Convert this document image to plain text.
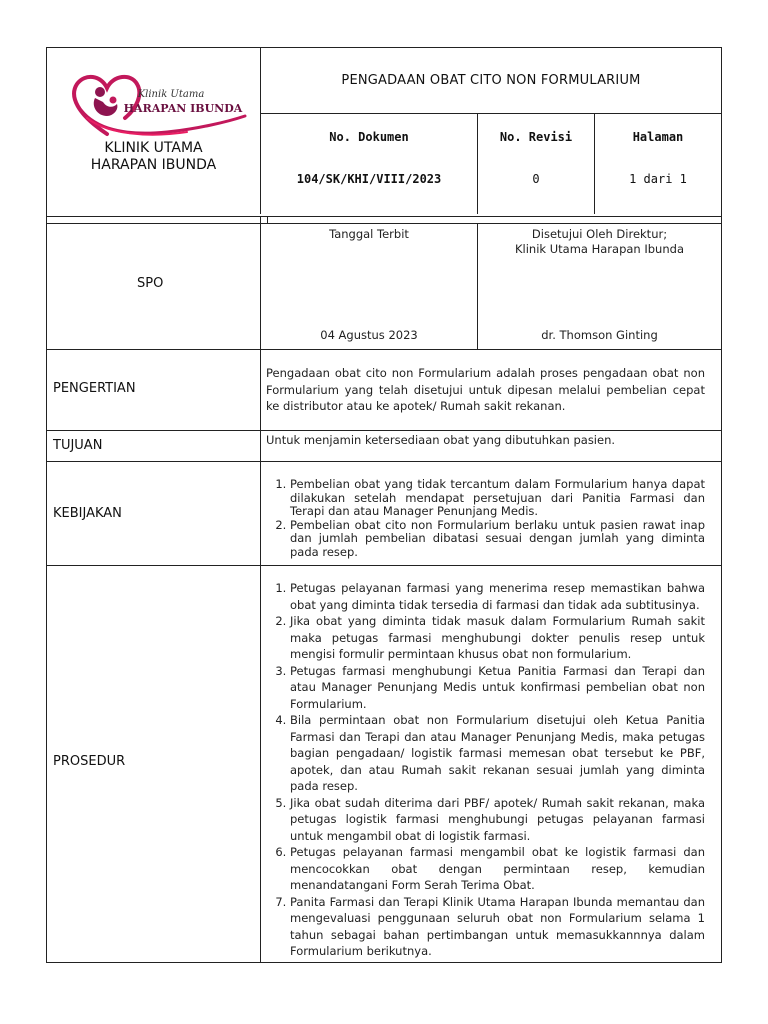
Klinik Utama
HARAPAN IBUNDA
KLINIK UTAMA
HARAPAN IBUNDA
PENGADAAN OBAT CITO NON FORMULARIUM
No. Dokumen
104/SK/KHI/VIII/2023
No. Revisi
0
Halaman
1 dari 1
SPO
Tanggal Terbit
04 Agustus 2023
Disetujui Oleh Direktur;
Klinik Utama Harapan Ibunda
dr. Thomson Ginting
PENGERTIAN
Pengadaan obat cito non Formularium adalah proses pengadaan obat non Formularium yang telah disetujui untuk dipesan melalui pembelian cepat ke distributor atau ke apotek/ Rumah sakit rekanan.
TUJUAN	Untuk menjamin ketersediaan obat yang dibutuhkan pasien.
KEBIJAKAN
1. Pembelian obat yang tidak tercantum dalam Formularium hanya dapat dilakukan setelah mendapat persetujuan dari Panitia Farmasi dan Terapi dan atau Manager Penunjang Medis.
2. Pembelian obat cito non Formularium berlaku untuk pasien rawat inap dan jumlah pembelian dibatasi sesuai dengan jumlah yang diminta pada resep.
PROSEDUR
1. Petugas pelayanan farmasi yang menerima resep memastikan bahwa obat yang diminta tidak tersedia di farmasi dan tidak ada subtitusinya.
2. Jika obat yang diminta tidak masuk dalam Formularium Rumah sakit maka petugas farmasi menghubungi dokter penulis resep untuk mengisi formulir permintaan khusus obat non formularium.
3. Petugas farmasi menghubungi Ketua Panitia Farmasi dan Terapi dan atau Manager Penunjang Medis untuk konfirmasi pembelian obat non Formularium.
4. Bila permintaan obat non Formularium disetujui oleh Ketua Panitia Farmasi dan Terapi dan atau Manager Penunjang Medis, maka petugas bagian pengadaan/ logistik farmasi memesan obat tersebut ke PBF, apotek, dan atau Rumah sakit rekanan sesuai jumlah yang diminta pada resep.
5. Jika obat sudah diterima dari PBF/ apotek/ Rumah sakit rekanan, maka petugas logistik farmasi menghubungi petugas pelayanan farmasi untuk mengambil obat di logistik farmasi.
6. Petugas pelayanan farmasi mengambil obat ke logistik farmasi dan mencocokkan obat dengan permintaan resep, kemudian menandatangani Form Serah Terima Obat.
7. Panita Farmasi dan Terapi Klinik Utama Harapan Ibunda memantau dan mengevaluasi penggunaan seluruh obat non Formularium selama 1 tahun sebagai bahan pertimbangan untuk memasukkannnya dalam Formularium berikutnya.
